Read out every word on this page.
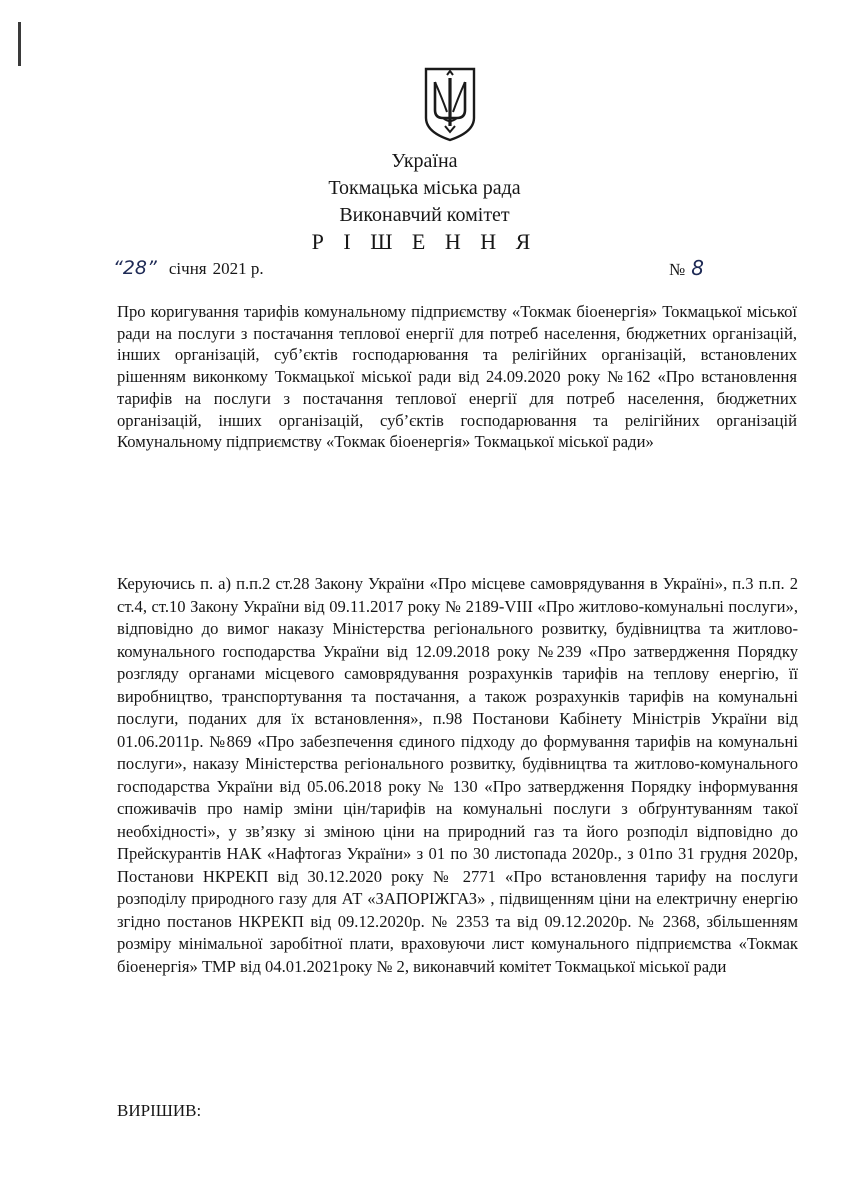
Україна
Токмацька міська рада
Виконавчий комітет
Р І Ш Е Н Н Я
“28” січня 2021 р.	№ 8
Про коригування тарифів комунальному підприємству «Токмак біоенергія» Токмацької міської ради на послуги з постачання теплової енергії для потреб населення, бюджетних організацій, інших організацій, суб’єктів господарювання та релігійних організацій, встановлених рішенням виконкому Токмацької міської ради від 24.09.2020 року №162 «Про встановлення тарифів на послуги з постачання теплової енергії для потреб населення, бюджетних організацій, інших організацій, суб’єктів господарювання та релігійних організацій Комунальному підприємству «Токмак біоенергія» Токмацької міської ради»
Керуючись п. а) п.п.2 ст.28 Закону України «Про місцеве самоврядування в Україні», п.3 п.п. 2 ст.4, ст.10 Закону України від 09.11.2017 року № 2189-VIII «Про житлово-комунальні послуги», відповідно до вимог наказу Міністерства регіонального розвитку, будівництва та житлово-комунального господарства України від 12.09.2018 року №239 «Про затвердження Порядку розгляду органами місцевого самоврядування розрахунків тарифів на теплову енергію, її виробництво, транспортування та постачання, а також розрахунків тарифів на комунальні послуги, поданих для їх встановлення», п.98 Постанови Кабінету Міністрів України від 01.06.2011р. №869 «Про забезпечення єдиного підходу до формування тарифів на комунальні послуги», наказу Міністерства регіонального розвитку, будівництва та житлово-комунального господарства України від 05.06.2018 року № 130 «Про затвердження Порядку інформування споживачів про намір зміни цін/тарифів на комунальні послуги з обґрунтуванням такої необхідності», у зв’язку зі зміною ціни на природний газ та його розподіл відповідно до Прейскурантів НАК «Нафтогаз України» з 01 по 30 листопада 2020р., з 01по 31 грудня 2020р, Постанови НКРЕКП від 30.12.2020 року № 2771 «Про встановлення тарифу на послуги розподілу природного газу для АТ «ЗАПОРІЖГАЗ» , підвищенням ціни на електричну енергію згідно постанов НКРЕКП від 09.12.2020р. № 2353 та від 09.12.2020р. № 2368, збільшенням розміру мінімальної заробітної плати, враховуючи лист комунального підприємства «Токмак біоенергія» ТМР від 04.01.2021року № 2, виконавчий комітет Токмацької міської ради
ВИРІШИВ:
